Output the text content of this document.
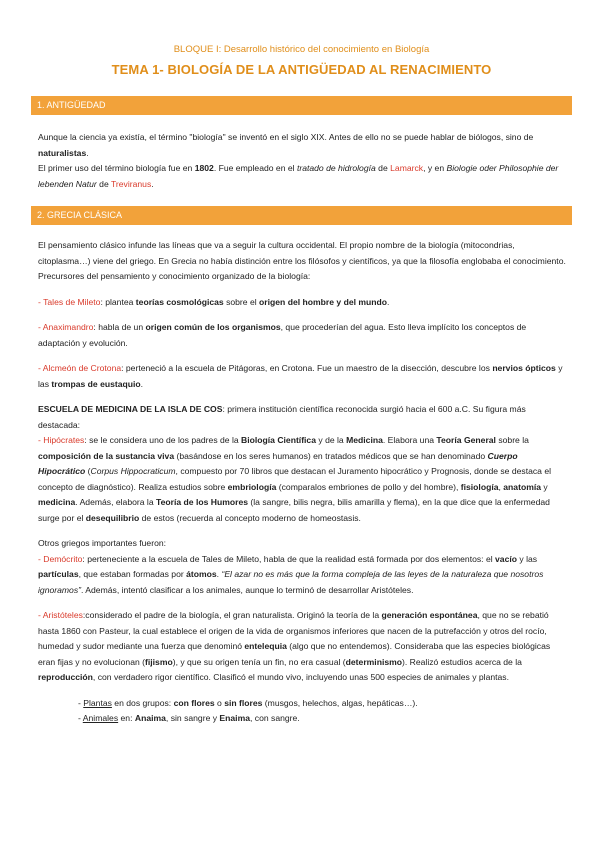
BLOQUE I: Desarrollo histórico del conocimiento en Biología
TEMA 1- BIOLOGÍA DE LA ANTIGÜEDAD AL RENACIMIENTO
1. ANTIGÜEDAD

Aunque la ciencia ya existía, el término "biología" se inventó en el siglo XIX. Antes de ello no se puede hablar de biólogos, sino de naturalistas.

El primer uso del término biología fue en 1802. Fue empleado en el tratado de hidrología de Lamarck, y en Biologie oder Philosophie der lebenden Natur de Treviranus.

2. GRECIA CLÁSICA

El pensamiento clásico infunde las líneas que va a seguir la cultura occidental. El propio nombre de la biología (mitocondrias, citoplasma…) viene del griego. En Grecia no había distinción entre los filósofos y científicos, ya que la filosofía englobaba el conocimiento.

Precursores del pensamiento y conocimiento organizado de la biología:

- Tales de Mileto: plantea teorías cosmológicas sobre el origen del hombre y del mundo.

- Anaximandro: habla de un origen común de los organismos, que procederían del agua. Esto lleva implícito los conceptos de adaptación y evolución.

- Alcmeón de Crotona: perteneció a la escuela de Pitágoras, en Crotona. Fue un maestro de la disección, descubre los nervios ópticos y las trompas de eustaquio.

ESCUELA DE MEDICINA DE LA ISLA DE COS: primera institución científica reconocida surgió hacia el 600 a.C. Su figura más destacada:

- Hipócrates: se le considera uno de los padres de la Biología Científica y de la Medicina. Elabora una Teoría General sobre la composición de la sustancia viva (basándose en los seres humanos) en tratados médicos que se han denominado Cuerpo Hipocrático (Corpus Hippocraticum, compuesto por 70 libros que destacan el Juramento hipocrático y Prognosis, donde se destaca el concepto de diagnóstico). Realiza estudios sobre embriología (comparalos embriones de pollo y del hombre), fisiología, anatomía y medicina. Además, elabora la Teoría de los Humores (la sangre, bilis negra, bilis amarilla y flema), en la que dice que la enfermedad surge por el desequilibrio de estos (recuerda al concepto moderno de homeostasis.

Otros griegos importantes fueron:

- Demócrito: perteneciente a la escuela de Tales de Mileto, habla de que la realidad está formada por dos elementos: el vacío y las partículas, que estaban formadas por átomos. “El azar no es más que la forma compleja de las leyes de la naturaleza que nosotros ignoramos”. Además, intentó clasificar a los animales, aunque lo terminó de desarrollar Aristóteles.

- Aristóteles:considerado el padre de la biología, el gran naturalista. Originó la teoría de la generación espontánea, que no se rebatió hasta 1860 con Pasteur, la cual establece el origen de la vida de organismos inferiores que nacen de la putrefacción y otros del rocío, humedad y sudor mediante una fuerza que denominó entelequia (algo que no entendemos). Consideraba que las especies biológicas eran fijas y no evolucionan (fijismo), y que su origen tenía un fin, no era casual (determinismo). Realizó estudios acerca de la reproducción, con verdadero rigor científico. Clasificó el mundo vivo, incluyendo unas 500 especies de animales y plantas.

- Plantas en dos grupos: con flores o sin flores (musgos, helechos, algas, hepáticas…).

- Animales en: Anaima, sin sangre y Enaima, con sangre.
